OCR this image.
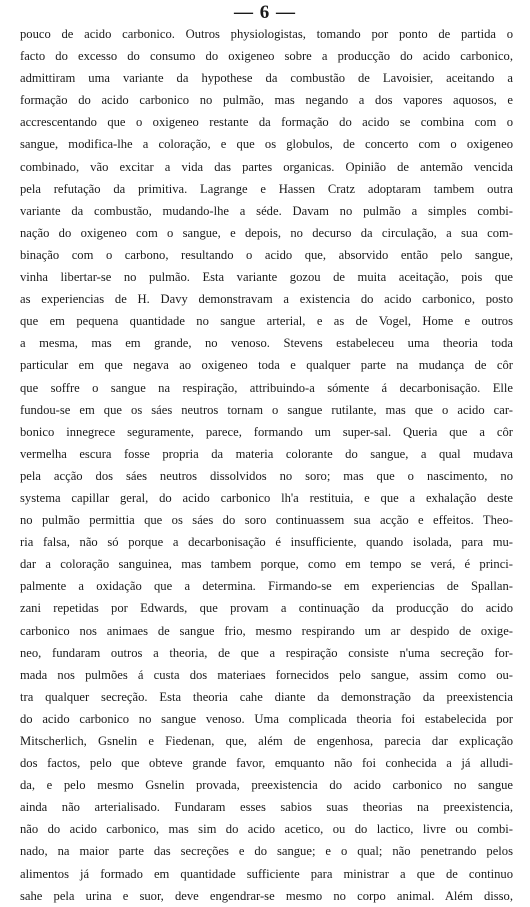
— 6 —
pouco de acido carbonico. Outros physiologistas, tomando por ponto de partida o
facto do excesso do consumo do oxigeneo sobre a producção do acido carbonico,
admittiram uma variante da hypothese da combustão de Lavoisier, aceitando a
formação do acido carbonico no pulmão, mas negando a dos vapores aquosos, e
accrescentando que o oxigeneo restante da formação do acido se combina com o
sangue, modifica-lhe a coloração, e que os globulos, de concerto com o oxigeneo
combinado, vão excitar a vida das partes organicas. Opinião de antemão vencida
pela refutação da primitiva. Lagrange e Hassen Cratz adoptaram tambem outra
variante da combustão, mudando-lhe a séde. Davam no pulmão a simples combi-
nação do oxigeneo com o sangue, e depois, no decurso da circulação, a sua com-
binação com o carbono, resultando o acido que, absorvido então pelo sangue,
vinha libertar-se no pulmão. Esta variante gozou de muita aceitação, pois que
as experiencias de H. Davy demonstravam a existencia do acido carbonico, posto
que em pequena quantidade no sangue arterial, e as de Vogel, Home e outros
a mesma, mas em grande, no venoso. Stevens estabeleceu uma theoria toda
particular em que negava ao oxigeneo toda e qualquer parte na mudança de côr
que soffre o sangue na respiração, attribuindo-a sómente á decarbonisação. Elle
fundou-se em que os sáes neutros tornam o sangue rutilante, mas que o acido car-
bonico innegrece seguramente, parece, formando um super-sal. Queria que a côr
vermelha escura fosse propria da materia colorante do sangue, a qual mudava
pela acção dos sáes neutros dissolvidos no soro; mas que o nascimento, no
systema capillar geral, do acido carbonico lh'a restituia, e que a exhalação deste
no pulmão permittia que os sáes do soro continuassem sua acção e effeitos. Theo-
ria falsa, não só porque a decarbonisação é insufficiente, quando isolada, para mu-
dar a coloração sanguinea, mas tambem porque, como em tempo se verá, é princi-
palmente a oxidação que a determina. Firmando-se em experiencias de Spallan-
zani repetidas por Edwards, que provam a continuação da producção do acido
carbonico nos animaes de sangue frio, mesmo respirando um ar despido de oxige-
neo, fundaram outros a theoria, de que a respiração consiste n'uma secreção for-
mada nos pulmões á custa dos materiaes fornecidos pelo sangue, assim como ou-
tra qualquer secreção. Esta theoria cahe diante da demonstração da preexistencia
do acido carbonico no sangue venoso. Uma complicada theoria foi estabelecida por
Mitscherlich, Gsnelin e Fiedenan, que, além de engenhosa, parecia dar explicação
dos factos, pelo que obteve grande favor, emquanto não foi conhecida a já alludi-
da, e pelo mesmo Gsnelin provada, preexistencia do acido carbonico no sangue
ainda não arterialisado. Fundaram esses sabios suas theorias na preexistencia,
não do acido carbonico, mas sim do acido acetico, ou do lactico, livre ou combi-
nado, na maior parte das secreções e do sangue; e o qual; não penetrando pelos
alimentos já formado em quantidade sufficiente para ministrar a que de continuo
sahe pela urina e suor, deve engendrar-se mesmo no corpo animal. Além disso,
